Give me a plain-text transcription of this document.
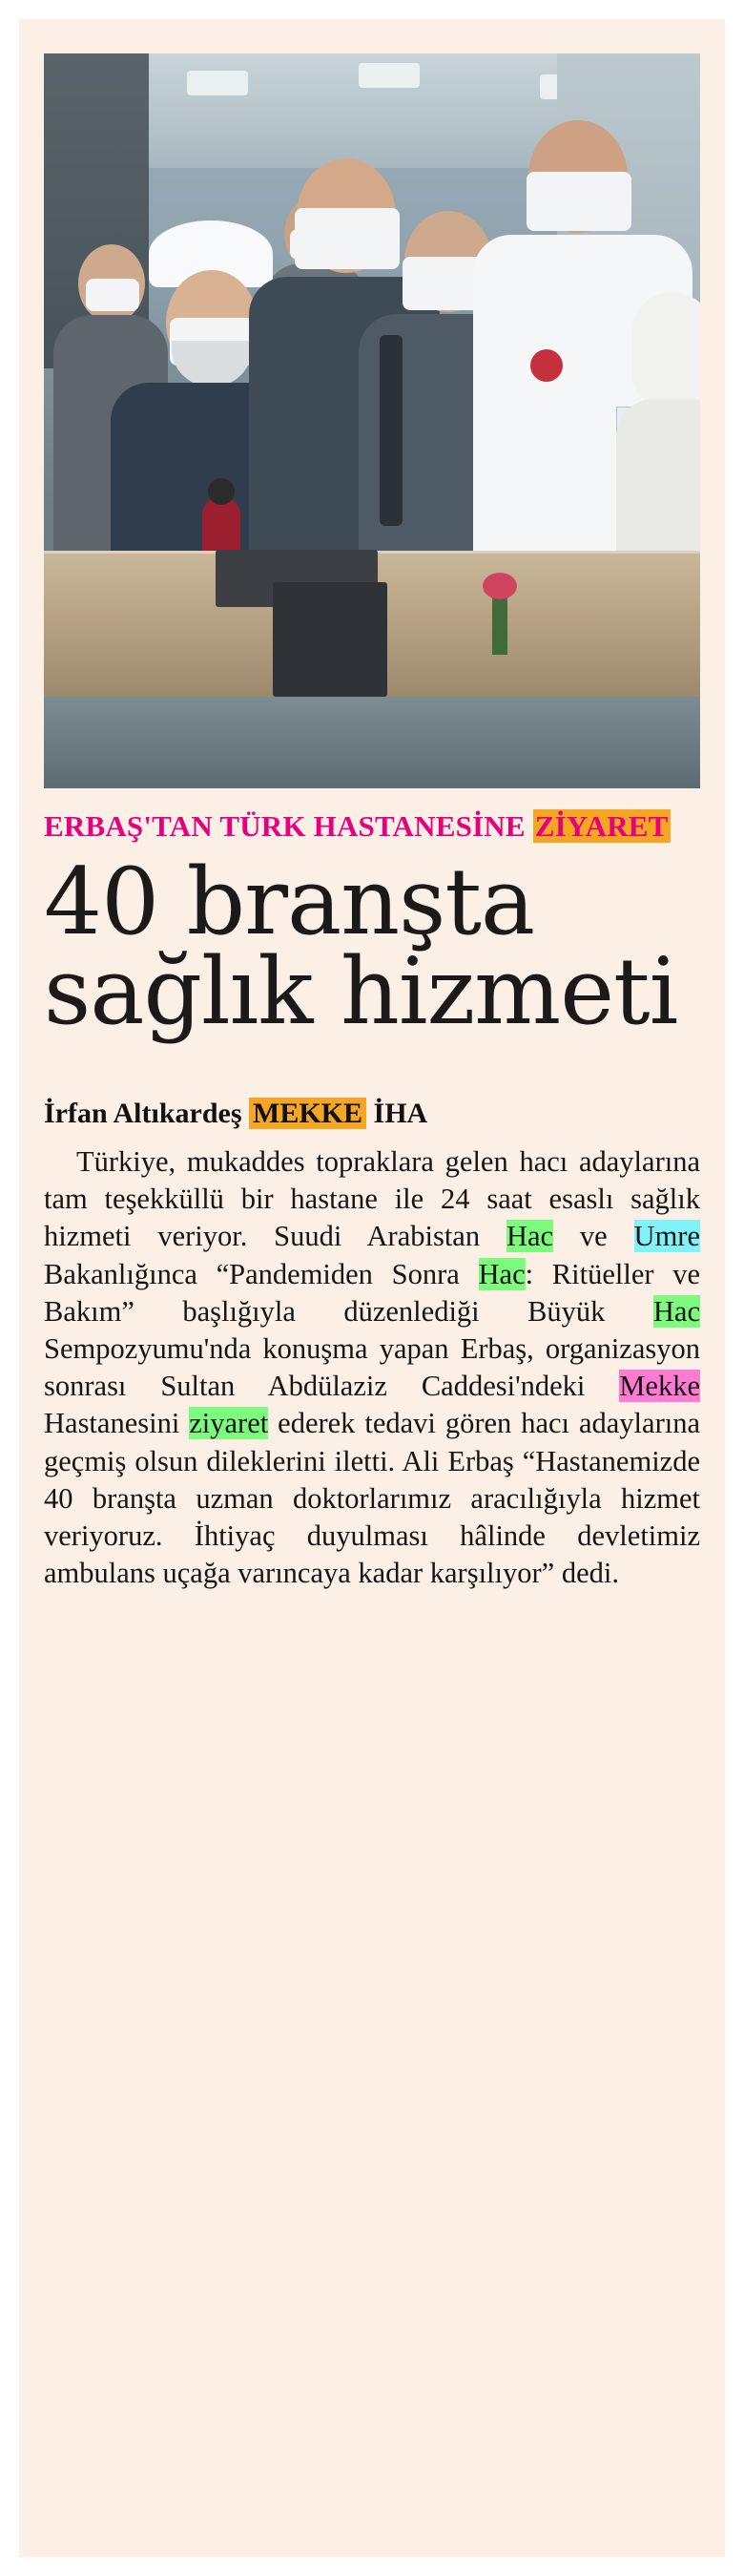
ERBAŞ'TAN TÜRK HASTANESİNE ZİYARET
40 branşta
sağlık hizmeti
İrfan Altıkardeş MEKKE İHA

Türkiye, mukaddes topraklara gelen hacı adaylarına tam teşekküllü bir hastane ile 24 saat esaslı sağlık hizmeti veriyor. Suudi Arabistan Hac ve Umre Bakanlığınca “Pandemiden Sonra Hac: Ritüeller ve Bakım” başlığıyla düzenlediği Büyük Hac Sempozyumu'nda konuşma yapan Erbaş, organizasyon sonrası Sultan Abdülaziz Caddesi'ndeki Mekke Hastanesini ziyaret ederek tedavi gören hacı adaylarına geçmiş olsun dileklerini iletti. Ali Erbaş “Hastanemizde 40 branşta uzman doktorlarımız aracılığıyla hizmet veriyoruz. İhtiyaç duyulması hâlinde devletimiz ambulans uçağa varıncaya kadar karşılıyor” dedi.
